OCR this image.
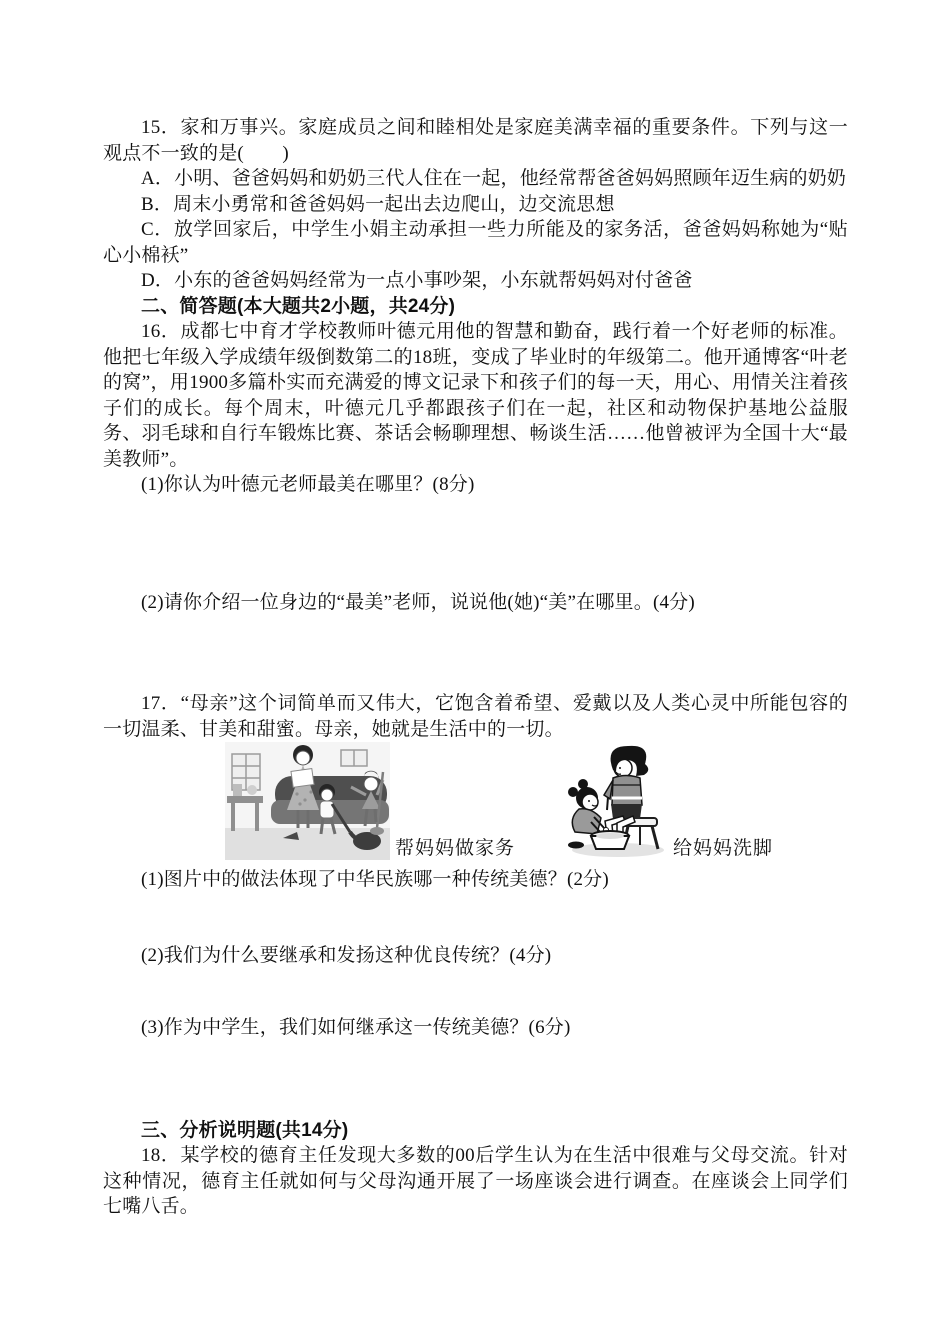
15．家和万事兴。家庭成员之间和睦相处是家庭美满幸福的重要条件。下列与这一观点不一致的是(　　)

A．小明、爸爸妈妈和奶奶三代人住在一起，他经常帮爸爸妈妈照顾年迈生病的奶奶

B．周末小勇常和爸爸妈妈一起出去边爬山，边交流思想

C．放学回家后，中学生小娟主动承担一些力所能及的家务活，爸爸妈妈称她为“贴心小棉袄”

D．小东的爸爸妈妈经常为一点小事吵架，小东就帮妈妈对付爸爸

二、简答题(本大题共2小题，共24分)

16．成都七中育才学校教师叶德元用他的智慧和勤奋，践行着一个好老师的标准。他把七年级入学成绩年级倒数第二的18班，变成了毕业时的年级第二。他开通博客“叶老的窝”，用1900多篇朴实而充满爱的博文记录下和孩子们的每一天，用心、用情关注着孩子们的成长。每个周末，叶德元几乎都跟孩子们在一起，社区和动物保护基地公益服务、羽毛球和自行车锻炼比赛、茶话会畅聊理想、畅谈生活……他曾被评为全国十大“最美教师”。

(1)你认为叶德元老师最美在哪里？(8分)

(2)请你介绍一位身边的“最美”老师，说说他(她)“美”在哪里。(4分)

17．“母亲”这个词简单而又伟大，它饱含着希望、爱戴以及人类心灵中所能包容的一切温柔、甘美和甜蜜。母亲，她就是生活中的一切。

帮妈妈做家务	给妈妈洗脚

(1)图片中的做法体现了中华民族哪一种传统美德？(2分)

(2)我们为什么要继承和发扬这种优良传统？(4分)

(3)作为中学生，我们如何继承这一传统美德？(6分)

三、分析说明题(共14分)

18．某学校的德育主任发现大多数的00后学生认为在生活中很难与父母交流。针对这种情况，德育主任就如何与父母沟通开展了一场座谈会进行调查。在座谈会上同学们七嘴八舌。
